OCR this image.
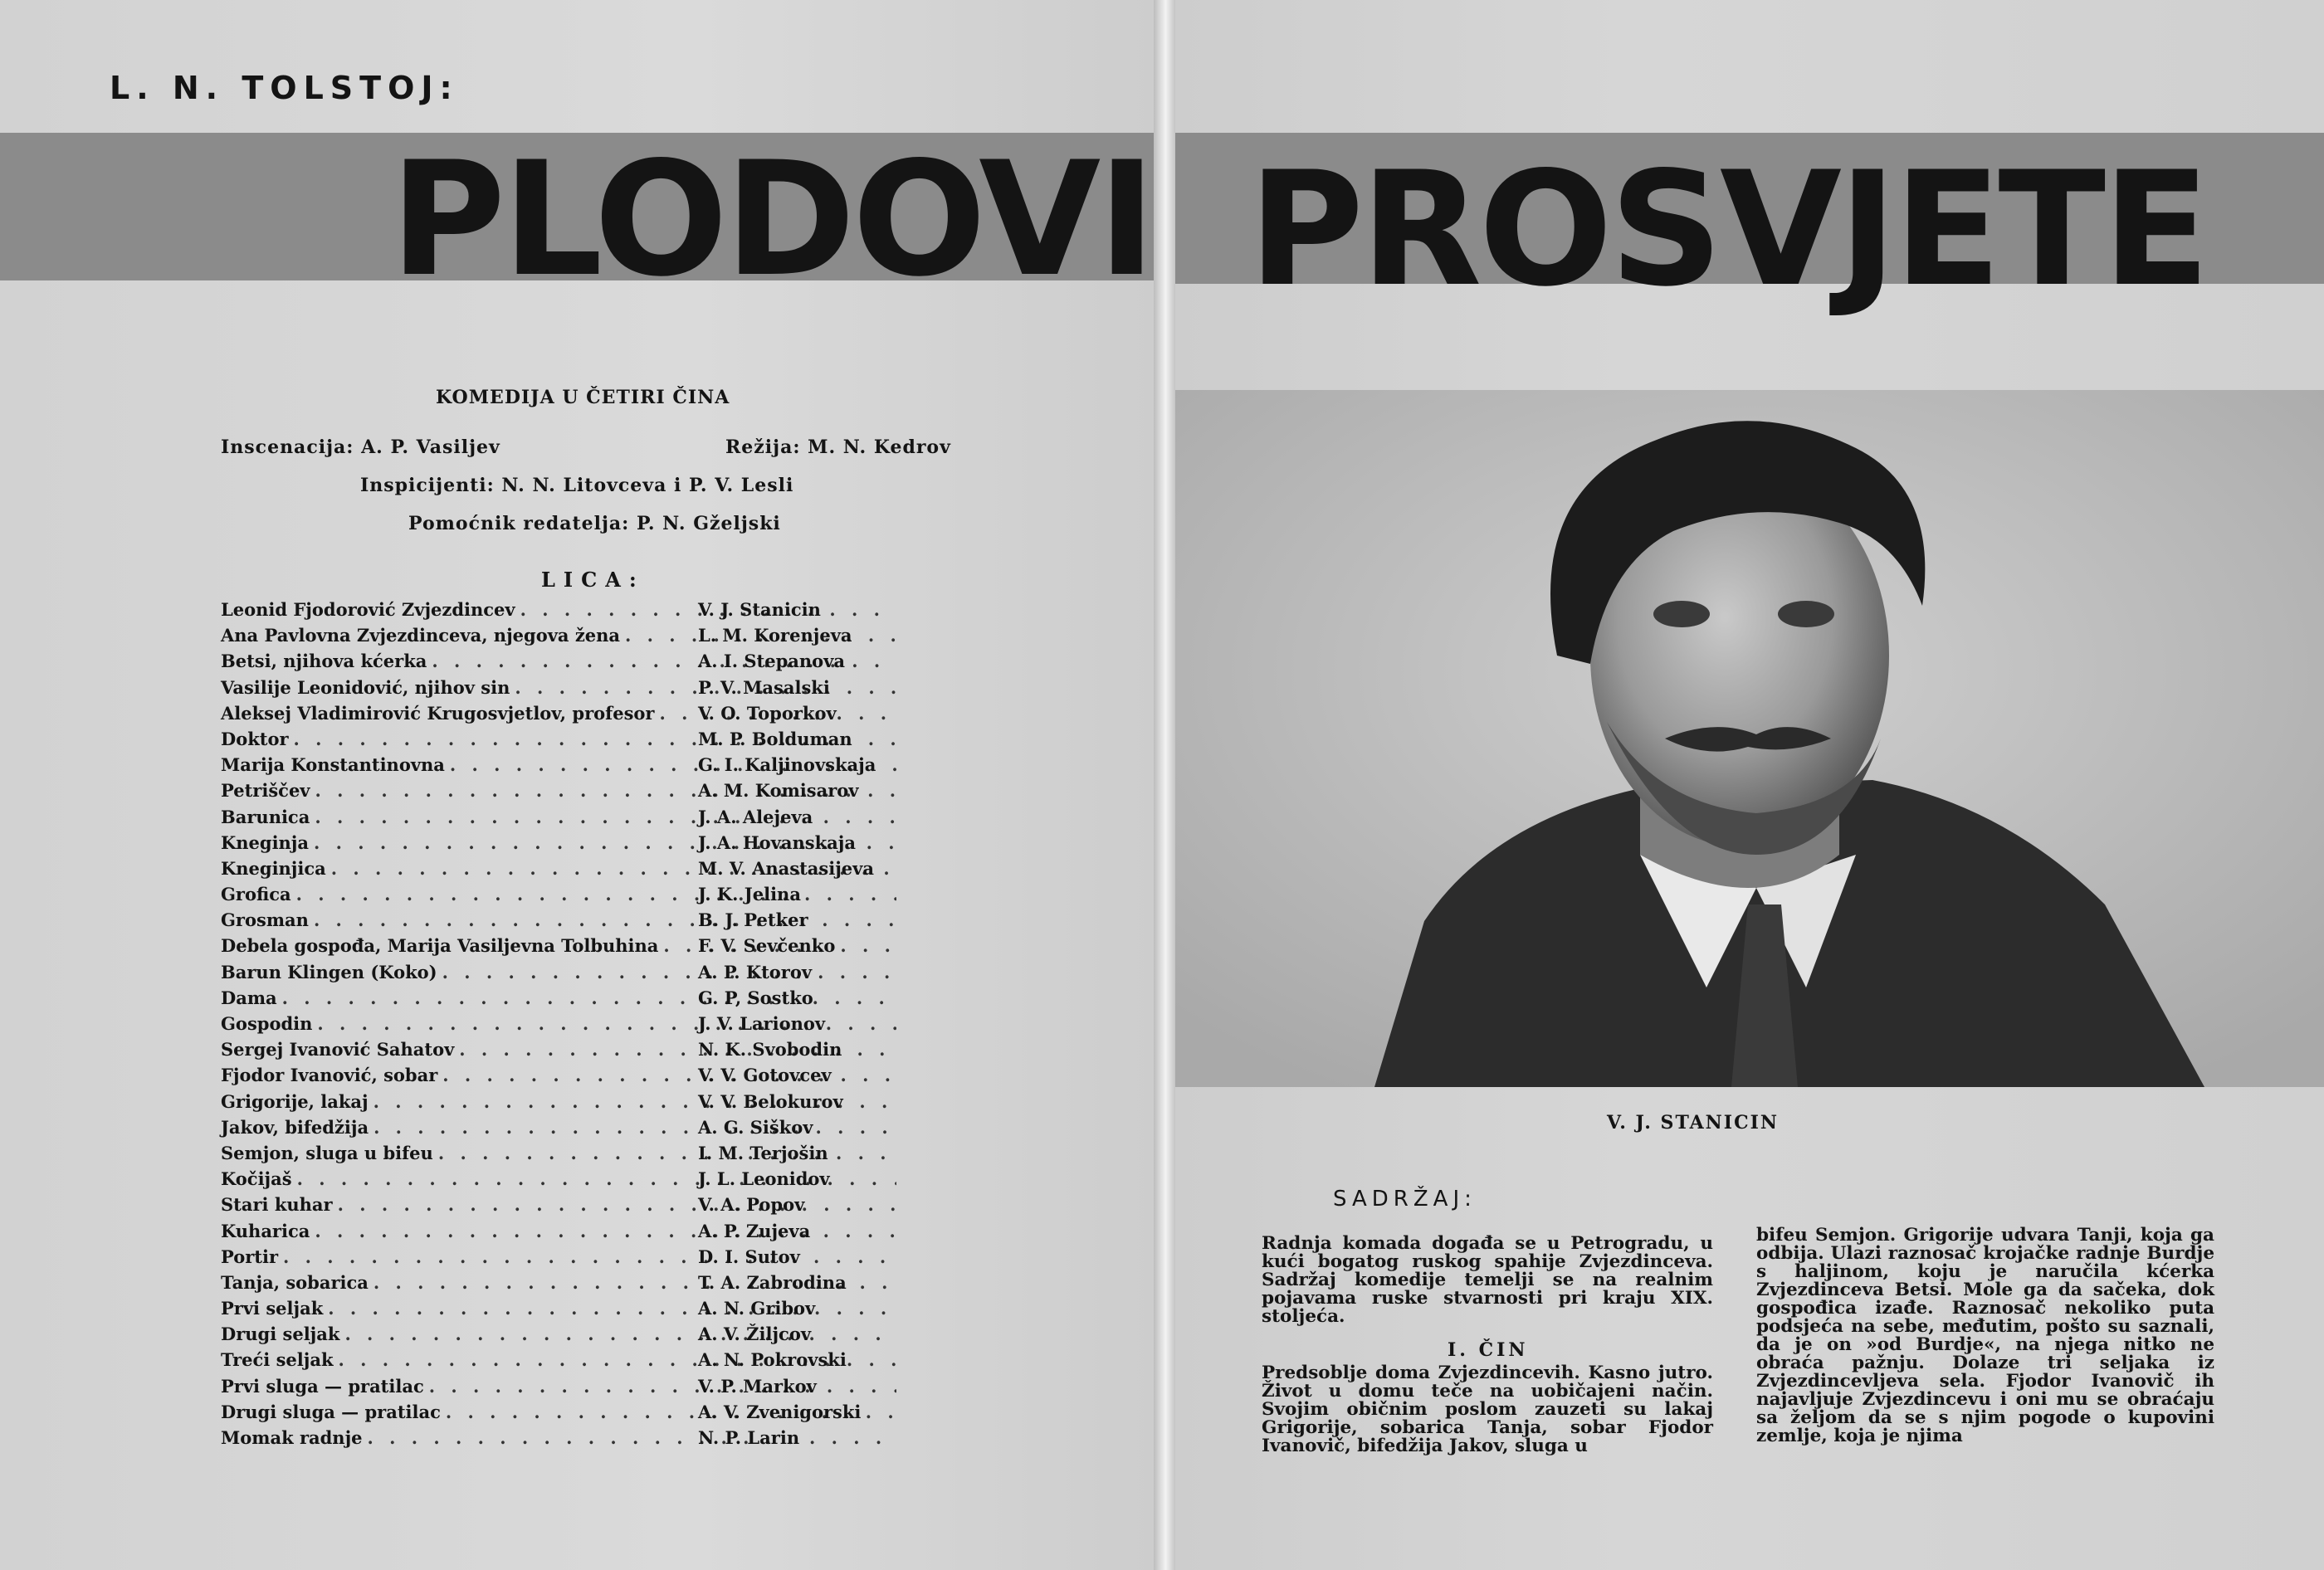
L. N. TOLSTOJ:
PLODOVI
KOMEDIJA U ČETIRI ČINA
Inscenacija: A. P. Vasiljev	Režija: M. N. Kedrov
Inspicijenti: N. N. Litovceva i P. V. Lesli
Pomoćnik redatelja: P. N. Gželjski
LICA:
Leonid Fjodorović Zvjezdincev . . .	V. J. Stanicin
Ana Pavlovna Zvjezdinceva, njegova žena . . .	L. M. Korenjeva
Betsi, njihova kćerka . . .	A. I. Stepanova
Vasilije Leonidović, njihov sin . . .	P. V. Masalski
Aleksej Vladimirović Krugosvjetlov, profesor . . .	V. O. Toporkov
Doktor . . .	M. P. Bolduman
Marija Konstantinovna . . .	G. I. Kaljinovskaja
Petriščev . . .	A. M. Komisarov
Barunica . . .	J. A. Alejeva
Kneginja . . .	J. A. Hovanskaja
Kneginjica . . .	M. V. Anastasijeva
Grofica . . .	J. K. Jelina
Grosman . . .	B. J. Petker
Debela gospođa, Marija Vasiljevna Tolbuhina . . . F. V. Sevčenko
Barun Klingen (Koko) . . .	A. P. Ktorov
Dama . . .	G. P, Sostko
Gospodin . . .	J. V. Larionov
Sergej Ivanović Sahatov . . .	N. K. Svobodin
Fjodor Ivanović, sobar . . .	V. V. Gotovcev
Grigorije, lakaj . . .	V. V. Belokurov
Jakov, bifedžija . . .	A. G. Siškov
Semjon, sluga u bifeu . . .	I. M. Terjošin
Kočijaš . . .	J. L. Leonidov
Stari kuhar . . .	V. A. Popov
Kuharica . . .	A. P. Zujeva
Portir . . .	D. I. Sutov
Tanja, sobarica . . .	T. A. Zabrodina
Prvi seljak . . .	A. N. Gribov
Drugi seljak . . .	A. V. Žiljcov
Treći seljak . . .	A. N. Pokrovski
Prvi sluga — pratilac . . .	V. P. Markov
Drugi sluga — pratilac . . .	A. V. Zvenigorski
Momak radnje . . .	N. P. Larin
PROSVJETE
V. J. STANICIN
SADRŽAJ:

Radnja komada događa se u Petrogradu, u kući bogatog ruskog spahije Zvjezdinceva. Sadržaj komedije temelji se na realnim pojavama ruske stvarnosti pri kraju XIX. stoljeća.

I. ČIN

Predsoblje doma Zvjezdincevih. Kasno jutro. Život u domu teče na uobičajeni način. Svojim običnim poslom zauzeti su lakaj Grigorije, sobarica Tanja, sobar Fjodor Ivanovič, bifedžija Jakov, sluga u

bifeu Semjon. Grigorije udvara Tanji, koja ga odbija. Ulazi raznosač krojačke radnje Burdje s haljinom, koju je naručila kćerka Zvjezdinceva Betsi. Mole ga da sačeka, dok gospođica izađe. Raznosač nekoliko puta podsjeća na sebe, međutim, pošto su saznali, da je on »od Burdje«, na njega nitko ne obraća pažnju. Dolaze tri seljaka iz Zvjezdincevljeva sela. Fjodor Ivanovič ih najavljuje Zvjezdincevu i oni mu se obraćaju sa željom da se s njim pogode o kupovini zemlje, koja je njima
